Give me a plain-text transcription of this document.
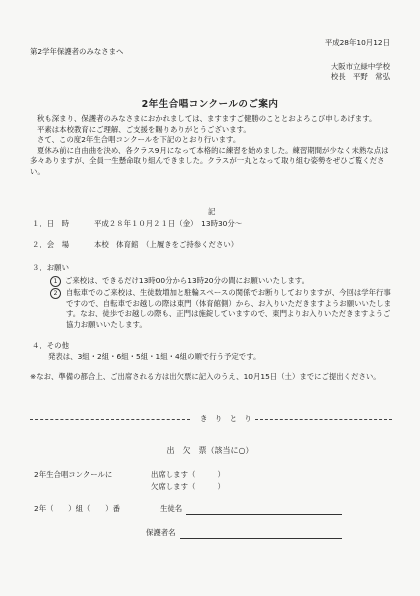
平成28年10月12日
第2学年保護者のみなさまへ
大阪市立緑中学校
校長　平野　常弘
2年生合唱コンクールのご案内

秋も深まり、保護者のみなさまにおかれましては、ますますご健勝のこととおよろこび申しあげます。

平素は本校教育にご理解、ご支援を賜りありがとうございます。

さて、この度2年生合唱コンクールを下記のとおり行います。

夏休み前に自由曲を決め、各クラス9月になって本格的に練習を始めました。練習期間が少なく未熟な点は多々ありますが、全員一生懸命取り組んできました。クラスが一丸となって取り組む姿勢をぜひご覧ください。

記
１．日　時	平成２８年１０月２１日（金）　13時30分～
２．会　場	本校　体育館　（上履きをご持参ください）
３．お願い
1 ご来校は、できるだけ13時00分から13時20分の間にお願いいたします。
2	自転車でのご来校は、生徒数増加と駐輪スペースの関係でお断りしておりますが、今回は学年行事ですので、自転車でお越しの際は東門（体育館側）から、お入りいただきますようお願いいたします。なお、徒歩でお越しの際も、正門は施錠していますので、東門よりお入りいただきますようご協力お願いいたします。
４．その他
発表は、3組・2組・6組・5組・1組・4組の順で行う予定です。
※なお、準備の都合上、ご出席される方は出欠票に記入のうえ、10月15日（土）までにご提出ください。
き　り　と　り
出　欠　票（該当に○）
2年生合唱コンクールに	出席します（　　　）
欠席します（　　　）
2年（　　）組（　　）番	生徒名
保護者名
